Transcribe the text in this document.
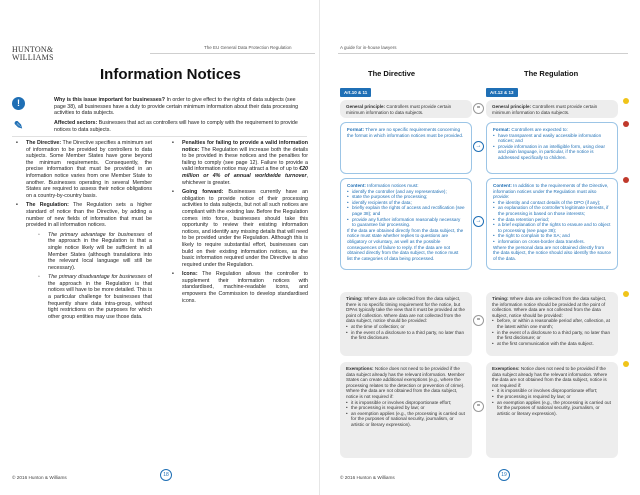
HUNTON&
WILLIAMS
The EU General Data Protection Regulation
Information Notices
!	Why is this issue important for businesses? In order to give effect to the rights of data subjects (see page 38), all businesses have a duty to provide certain minimum information about their data processing activities to data subjects.
✎	Affected sectors: Businesses that act as controllers will have to comply with the requirement to provide notices to data subjects.
• The Directive: The Directive specifies a minimum set of information to be provided by controllers to data subjects. Some Member States have gone beyond the minimum requirements. Consequently, the precise information that must be provided in an information notice varies from one Member State to another. Businesses operating in several Member States are required to assess their notice obligations on a country-by-country basis.
• The Regulation: The Regulation sets a higher standard of notice than the Directive, by adding a number of new fields of information that must be provided in all information notices.
▫ The primary advantage for businesses of the approach in the Regulation is that a single notice likely will be sufficient in all Member States (although translations into the relevant local language will still be necessary).
▫ The primary disadvantage for businesses of the approach in the Regulation is that notices will have to be more detailed. This is a particular challenge for businesses that frequently share data intra-group, without tight restrictions on the purposes for which other group entities may use those data.
• Penalties for failing to provide a valid information notice: The Regulation will increase both the details to be provided in these notices and the penalties for failing to comply (see page 12). Failure to provide a valid information notice may attract a fine of up to €20 million or 4% of annual worldwide turnover, whichever is greater.
• Going forward: Businesses currently have an obligation to provide notice of their processing activities to data subjects, but not all such notices are compliant with the existing law. Before the Regulation comes into force, businesses should take this opportunity to review their existing information notices, and identify any missing details that will need to be provided under the Regulation. Although this is likely to require substantial effort, businesses can build on their existing information notices, as the basic information required under the Directive is also required under the Regulation.
• Icons: The Regulation allows the controller to supplement their information notices with standardised, machine-readable icons, and empowers the Commission to develop standardised icons.
© 2016 Hunton & Williams	18
A guide for in-house lawyers
The Directive	The Regulation
Art.10 & 11	Art.12 & 13
General principle: Controllers must provide certain minimum information to data subjects.
Format: There are no specific requirements concerning the format in which information notices must be provided.
Content: Information notices must:
• identify the controller (and any representative);
• state the purposes of the processing;
• identify recipients of the data;
• briefly explain the rights of access and rectification (see page 38); and
• provide any further information reasonably necessary to guarantee fair processing.
If the data are obtained directly from the data subject, the notice must state whether replies to questions are obligatory or voluntary, as well as the possible consequences of failure to reply. If the data are not obtained directly from the data subject, the notice must list the categories of data being processed.
Timing: Where data are collected from the data subject, there is no specific timing requirement for the notice, but DPAs typically take the view that it must be provided at the point of collection. Where data are not collected from the data subject, notice should be provided:
• at the time of collection; or
• in the event of a disclosure to a third party, no later than the first disclosure.
Exemptions: Notice does not need to be provided if the data subject already has the relevant information. Member States can create additional exemptions (e.g., where the processing relates to the detection or prevention of crime). Where the data are not obtained from the data subject, notice is not required if:
• it is impossible or involves disproportionate effort;
• the processing is required by law; or
• an exemption applies (e.g., the processing is carried out for the purposes of national security, journalism, or artistic or literary expression).
=
→
→
=
=
General principle: Controllers must provide certain minimum information to data subjects.
Format: Controllers are expected to:
• have transparent and easily accessible information notices; and
• provide information in an intelligible form, using clear and plain language, in particular, if the notice is addressed specifically to children.
Content: In addition to the requirements of the Directive, information notices under the Regulation must also provide:
• the identity and contact details of the DPO (if any);
• an explanation of the controller's legitimate interests, if the processing is based on those interests;
• the data retention period;
• a brief explanation of the rights to erasure and to object to processing (see page 38);
• the right to complain to the SA; and
• information on cross-border data transfers.
Where the personal data are not obtained directly from the data subject, the notice should also identify the source of the data.
Timing: Where data are collected from the data subject, the information notice should be provided at the point of collection. Where data are not collected from the data subject, notice should be provided:
• before, or within a reasonable period after, collection, at the latest within one month;
• in the event of a disclosure to a third party, no later than the first disclosure; or
• at the first communication with the data subject.
Exemptions: Notice does not need to be provided if the data subject already has the relevant information. Where the data are not obtained from the data subject, notice is not required if:
• it is impossible or involves disproportionate effort;
• the processing is required by law; or
• an exemption applies (e.g., the processing is carried out for the purposes of national security, journalism, or artistic or literary expression).
© 2016 Hunton & Williams	19
